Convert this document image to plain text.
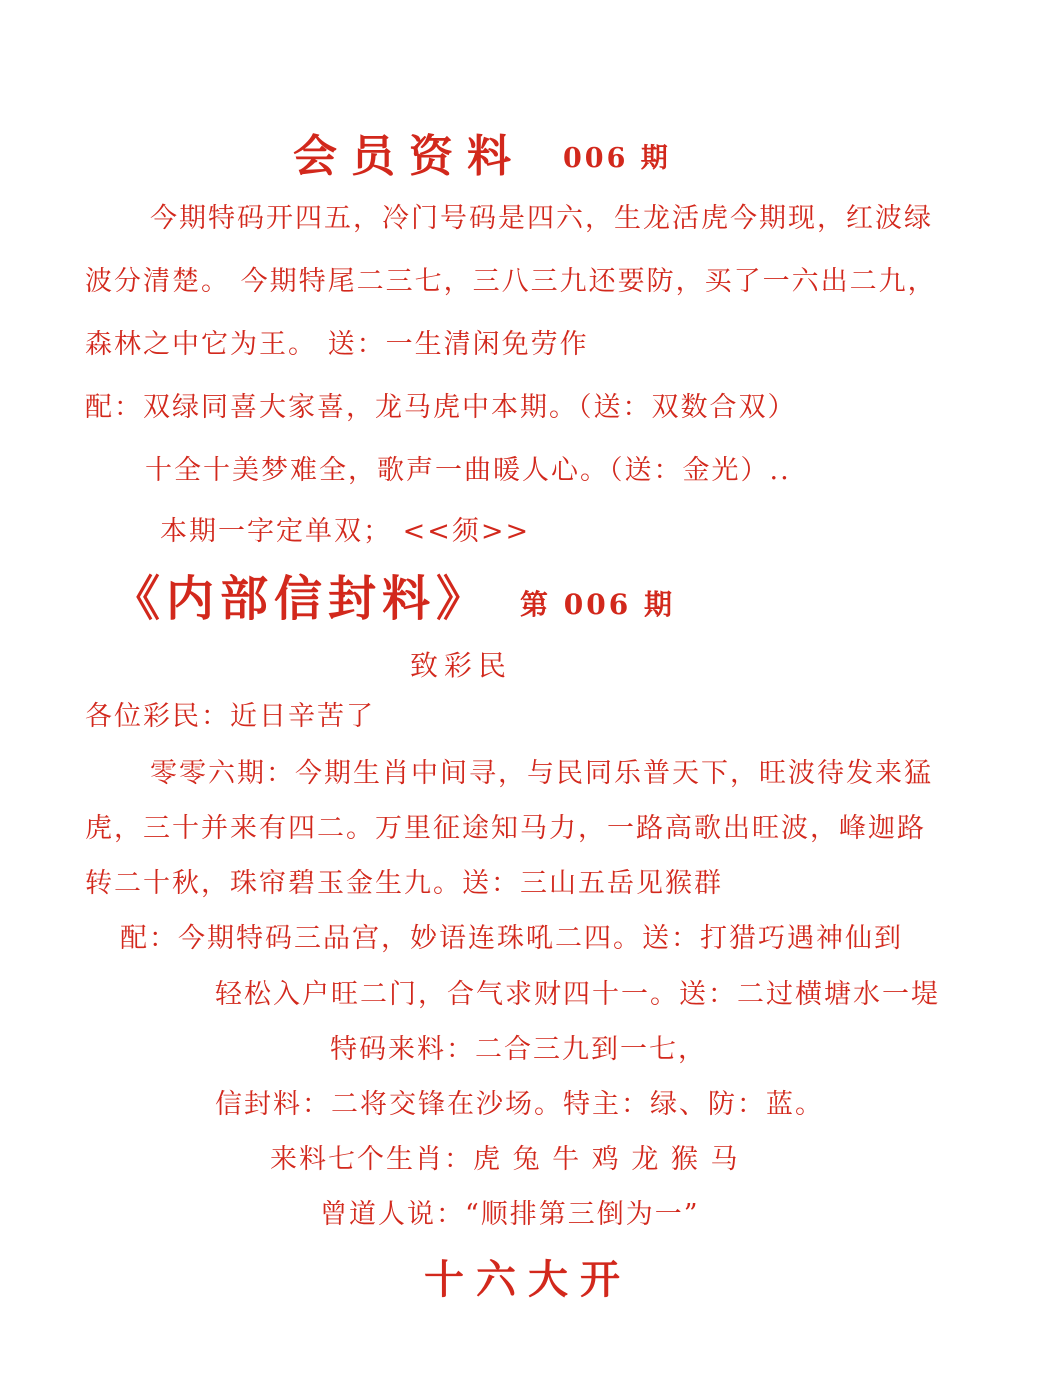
会员资料 006 期
今期特码开四五，冷门号码是四六，生龙活虎今期现，红波绿
波分清楚。 今期特尾二三七，三八三九还要防，买了一六出二九，
森林之中它为王。 送：一生清闲免劳作
配：双绿同喜大家喜，龙马虎中本期。（送：双数合双）
十全十美梦难全，歌声一曲暖人心。（送：金光）..
本期一字定单双； <<须>>
《内部信封料》 第 006 期
致彩民
各位彩民：近日辛苦了
零零六期：今期生肖中间寻，与民同乐普天下，旺波待发来猛
虎，三十并来有四二。万里征途知马力，一路高歌出旺波，峰迦路
转二十秋，珠帘碧玉金生九。送：三山五岳见猴群
配：今期特码三品宫，妙语连珠吼二四。送：打猎巧遇神仙到
轻松入户旺二门，合气求财四十一。送：二过横塘水一堤
特码来料：二合三九到一七，
信封料：二将交锋在沙场。特主：绿、防：蓝。
来料七个生肖：虎 兔 牛 鸡 龙 猴 马
曾道人说：“顺排第三倒为一”
十六大开
